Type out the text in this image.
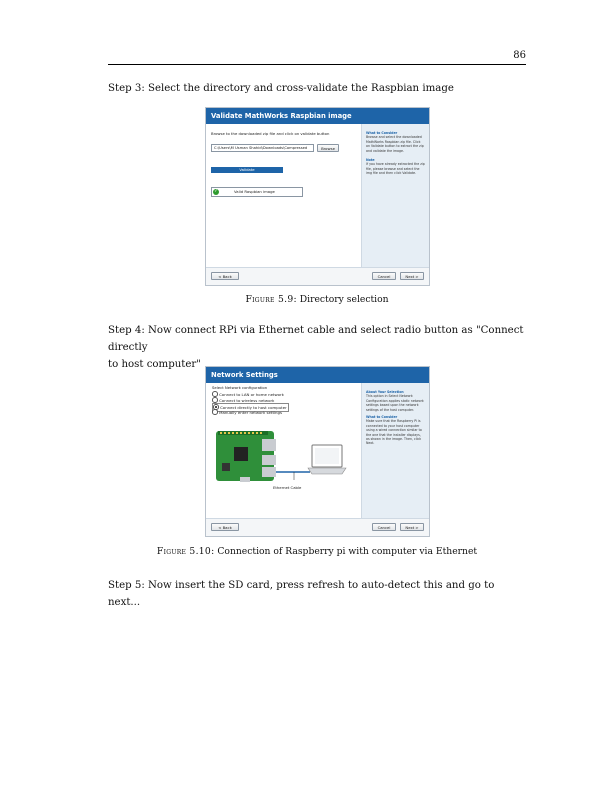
86
Step 3: Select the directory and cross-validate the Raspbian image
Validate MathWorks Raspbian image
Browse to the downloaded zip file and click on validate button
C:\Users\M Usman Shahid\Downloads\Compressed	Browse
Validate
✓	Valid Raspbian image
What to Consider
Browse and select the downloaded MathWorks Raspbian zip file. Click on Validate button to extract the zip and validate the image.
Note
If you have already extracted the zip file, please browse and select the img file and then click Validate.
< Back	Cancel	Next >
Figure 5.9: Directory selection
Step 4: Now connect RPi via Ethernet cable and select radio button as "Connect directly
to host computer"
Network Settings
Select Network configuration
Connect to LAN or home network
Connect to wireless network
Connect directly to host computer
Manually enter network settings
Ethernet Cable
About Your Selection
This option in Select Network Configuration applies static network settings based upon the network settings of the host computer.
What to Consider
Make sure that the Raspberry Pi is connected to your host computer using a wired connection similar to the one that the installer displays, as shown in the image. Then, click Next.
< Back	Cancel	Next >
Figure 5.10: Connection of Raspberry pi with computer via Ethernet
Step 5: Now insert the SD card, press refresh to auto-detect this and go to next...
